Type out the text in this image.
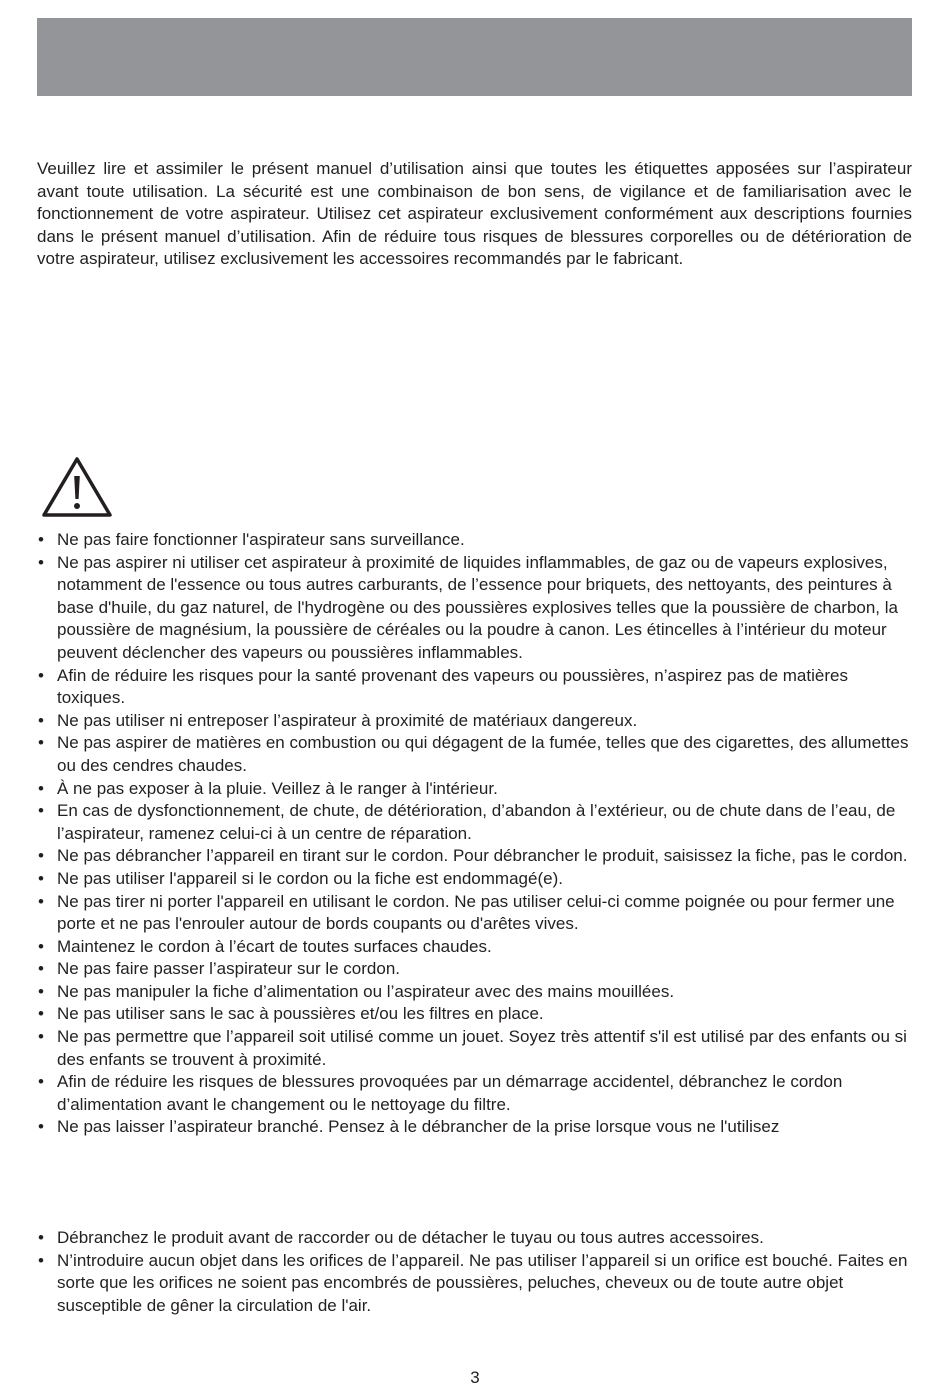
Veuillez lire et assimiler le présent manuel d’utilisation ainsi que toutes les étiquettes apposées sur l’aspirateur avant toute utilisation. La sécurité est une combinaison de bon sens, de vigilance et de familiarisation avec le fonctionnement de votre aspirateur. Utilisez cet aspirateur exclusivement conformément aux descriptions fournies dans le présent manuel d’utilisation. Afin de réduire tous risques de blessures corporelles ou de détérioration de votre aspirateur, utilisez exclusivement les accessoires recommandés par le fabricant.

• Ne pas faire fonctionner l'aspirateur sans surveillance.
• Ne pas aspirer ni utiliser cet aspirateur à proximité de liquides inflammables, de gaz ou de vapeurs explosives, notamment de l'essence ou tous autres carburants, de l’essence pour briquets, des nettoyants, des peintures à base d'huile, du gaz naturel, de l'hydrogène ou des poussières explosives telles que la poussière de charbon, la poussière de magnésium, la poussière de céréales ou la poudre à canon. Les étincelles à l’intérieur du moteur peuvent déclencher des vapeurs ou poussières inflammables.
• Afin de réduire les risques pour la santé provenant des vapeurs ou poussières, n’aspirez pas de matières toxiques.
• Ne pas utiliser ni entreposer l’aspirateur à proximité de matériaux dangereux.
• Ne pas aspirer de matières en combustion ou qui dégagent de la fumée, telles que des cigarettes, des allumettes ou des cendres chaudes.
• À ne pas exposer à la pluie. Veillez à le ranger à l'intérieur.
• En cas de dysfonctionnement, de chute, de détérioration, d’abandon à l’extérieur, ou de chute dans de l’eau, de l’aspirateur, ramenez celui-ci à un centre de réparation.
• Ne pas débrancher l’appareil en tirant sur le cordon. Pour débrancher le produit, saisissez la fiche, pas le cordon.
• Ne pas utiliser l'appareil si le cordon ou la fiche est endommagé(e).
• Ne pas tirer ni porter l'appareil en utilisant le cordon. Ne pas utiliser celui-ci comme poignée ou pour fermer une porte et ne pas l'enrouler autour de bords coupants ou d'arêtes vives.
• Maintenez le cordon à l’écart de toutes surfaces chaudes.
• Ne pas faire passer l’aspirateur sur le cordon.
• Ne pas manipuler la fiche d’alimentation ou l’aspirateur avec des mains mouillées.
• Ne pas utiliser sans le sac à poussières et/ou les filtres en place.
• Ne pas permettre que l’appareil soit utilisé comme un jouet. Soyez très attentif s'il est utilisé par des enfants ou si des enfants se trouvent à proximité.
• Afin de réduire les risques de blessures provoquées par un démarrage accidentel, débranchez le cordon d’alimentation avant le changement ou le nettoyage du filtre.
• Ne pas laisser l’aspirateur branché. Pensez à le débrancher de la prise lorsque vous ne l'utilisez
• Débranchez le produit avant de raccorder ou de détacher le tuyau ou tous autres accessoires.
• N’introduire aucun objet dans les orifices de l’appareil. Ne pas utiliser l’appareil si un orifice est bouché. Faites en sorte que les orifices ne soient pas encombrés de poussières, peluches, cheveux ou de toute autre objet susceptible de gêner la circulation de l'air.
3
